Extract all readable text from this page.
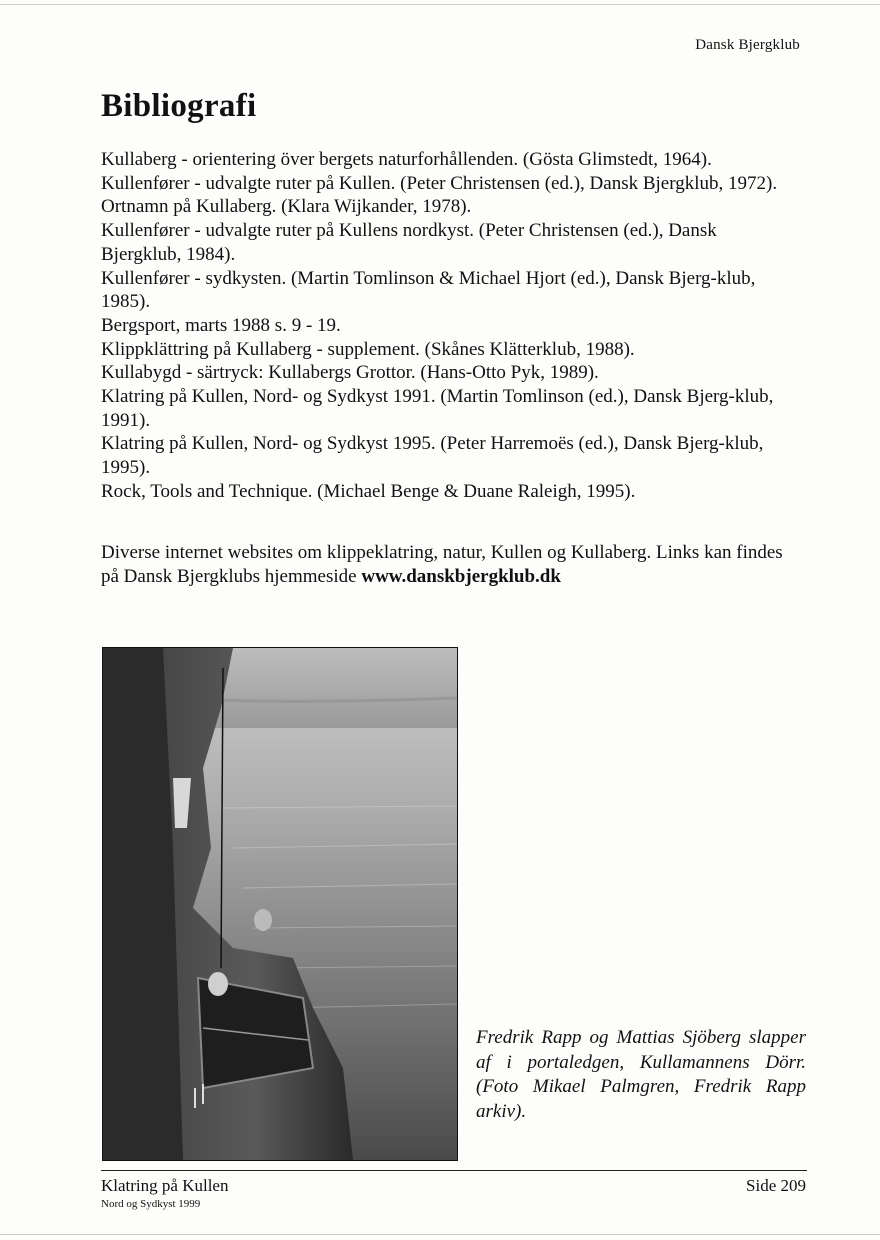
Dansk Bjergklub
Bibliografi
Kullaberg - orientering över bergets naturforhållenden. (Gösta Glimstedt, 1964).
Kullenfører - udvalgte ruter på Kullen. (Peter Christensen (ed.), Dansk Bjergklub, 1972).
Ortnamn på Kullaberg. (Klara Wijkander, 1978).
Kullenfører - udvalgte ruter på Kullens nordkyst. (Peter Christensen (ed.), Dansk Bjergklub, 1984).
Kullenfører - sydkysten. (Martin Tomlinson & Michael Hjort (ed.), Dansk Bjerg-klub, 1985).
Bergsport, marts 1988 s. 9 - 19.
Klippklättring på Kullaberg - supplement. (Skånes Klätterklub, 1988).
Kullabygd - särtryck: Kullabergs Grottor. (Hans-Otto Pyk, 1989).
Klatring på Kullen, Nord- og Sydkyst 1991. (Martin Tomlinson (ed.), Dansk Bjerg-klub, 1991).
Klatring på Kullen, Nord- og Sydkyst 1995. (Peter Harremoës (ed.), Dansk Bjerg-klub, 1995).
Rock, Tools and Technique. (Michael Benge & Duane Raleigh, 1995).

Diverse internet websites om klippeklatring, natur, Kullen og Kullaberg. Links kan findes på Dansk Bjergklubs hjemmeside www.danskbjergklub.dk

Fredrik Rapp og Mattias Sjöberg slapper af i portaledgen, Kullamannens Dörr. (Foto Mikael Palmgren, Fredrik Rapp arkiv).

Klatring på Kullen
Nord og Sydkyst 1999
Side 209
